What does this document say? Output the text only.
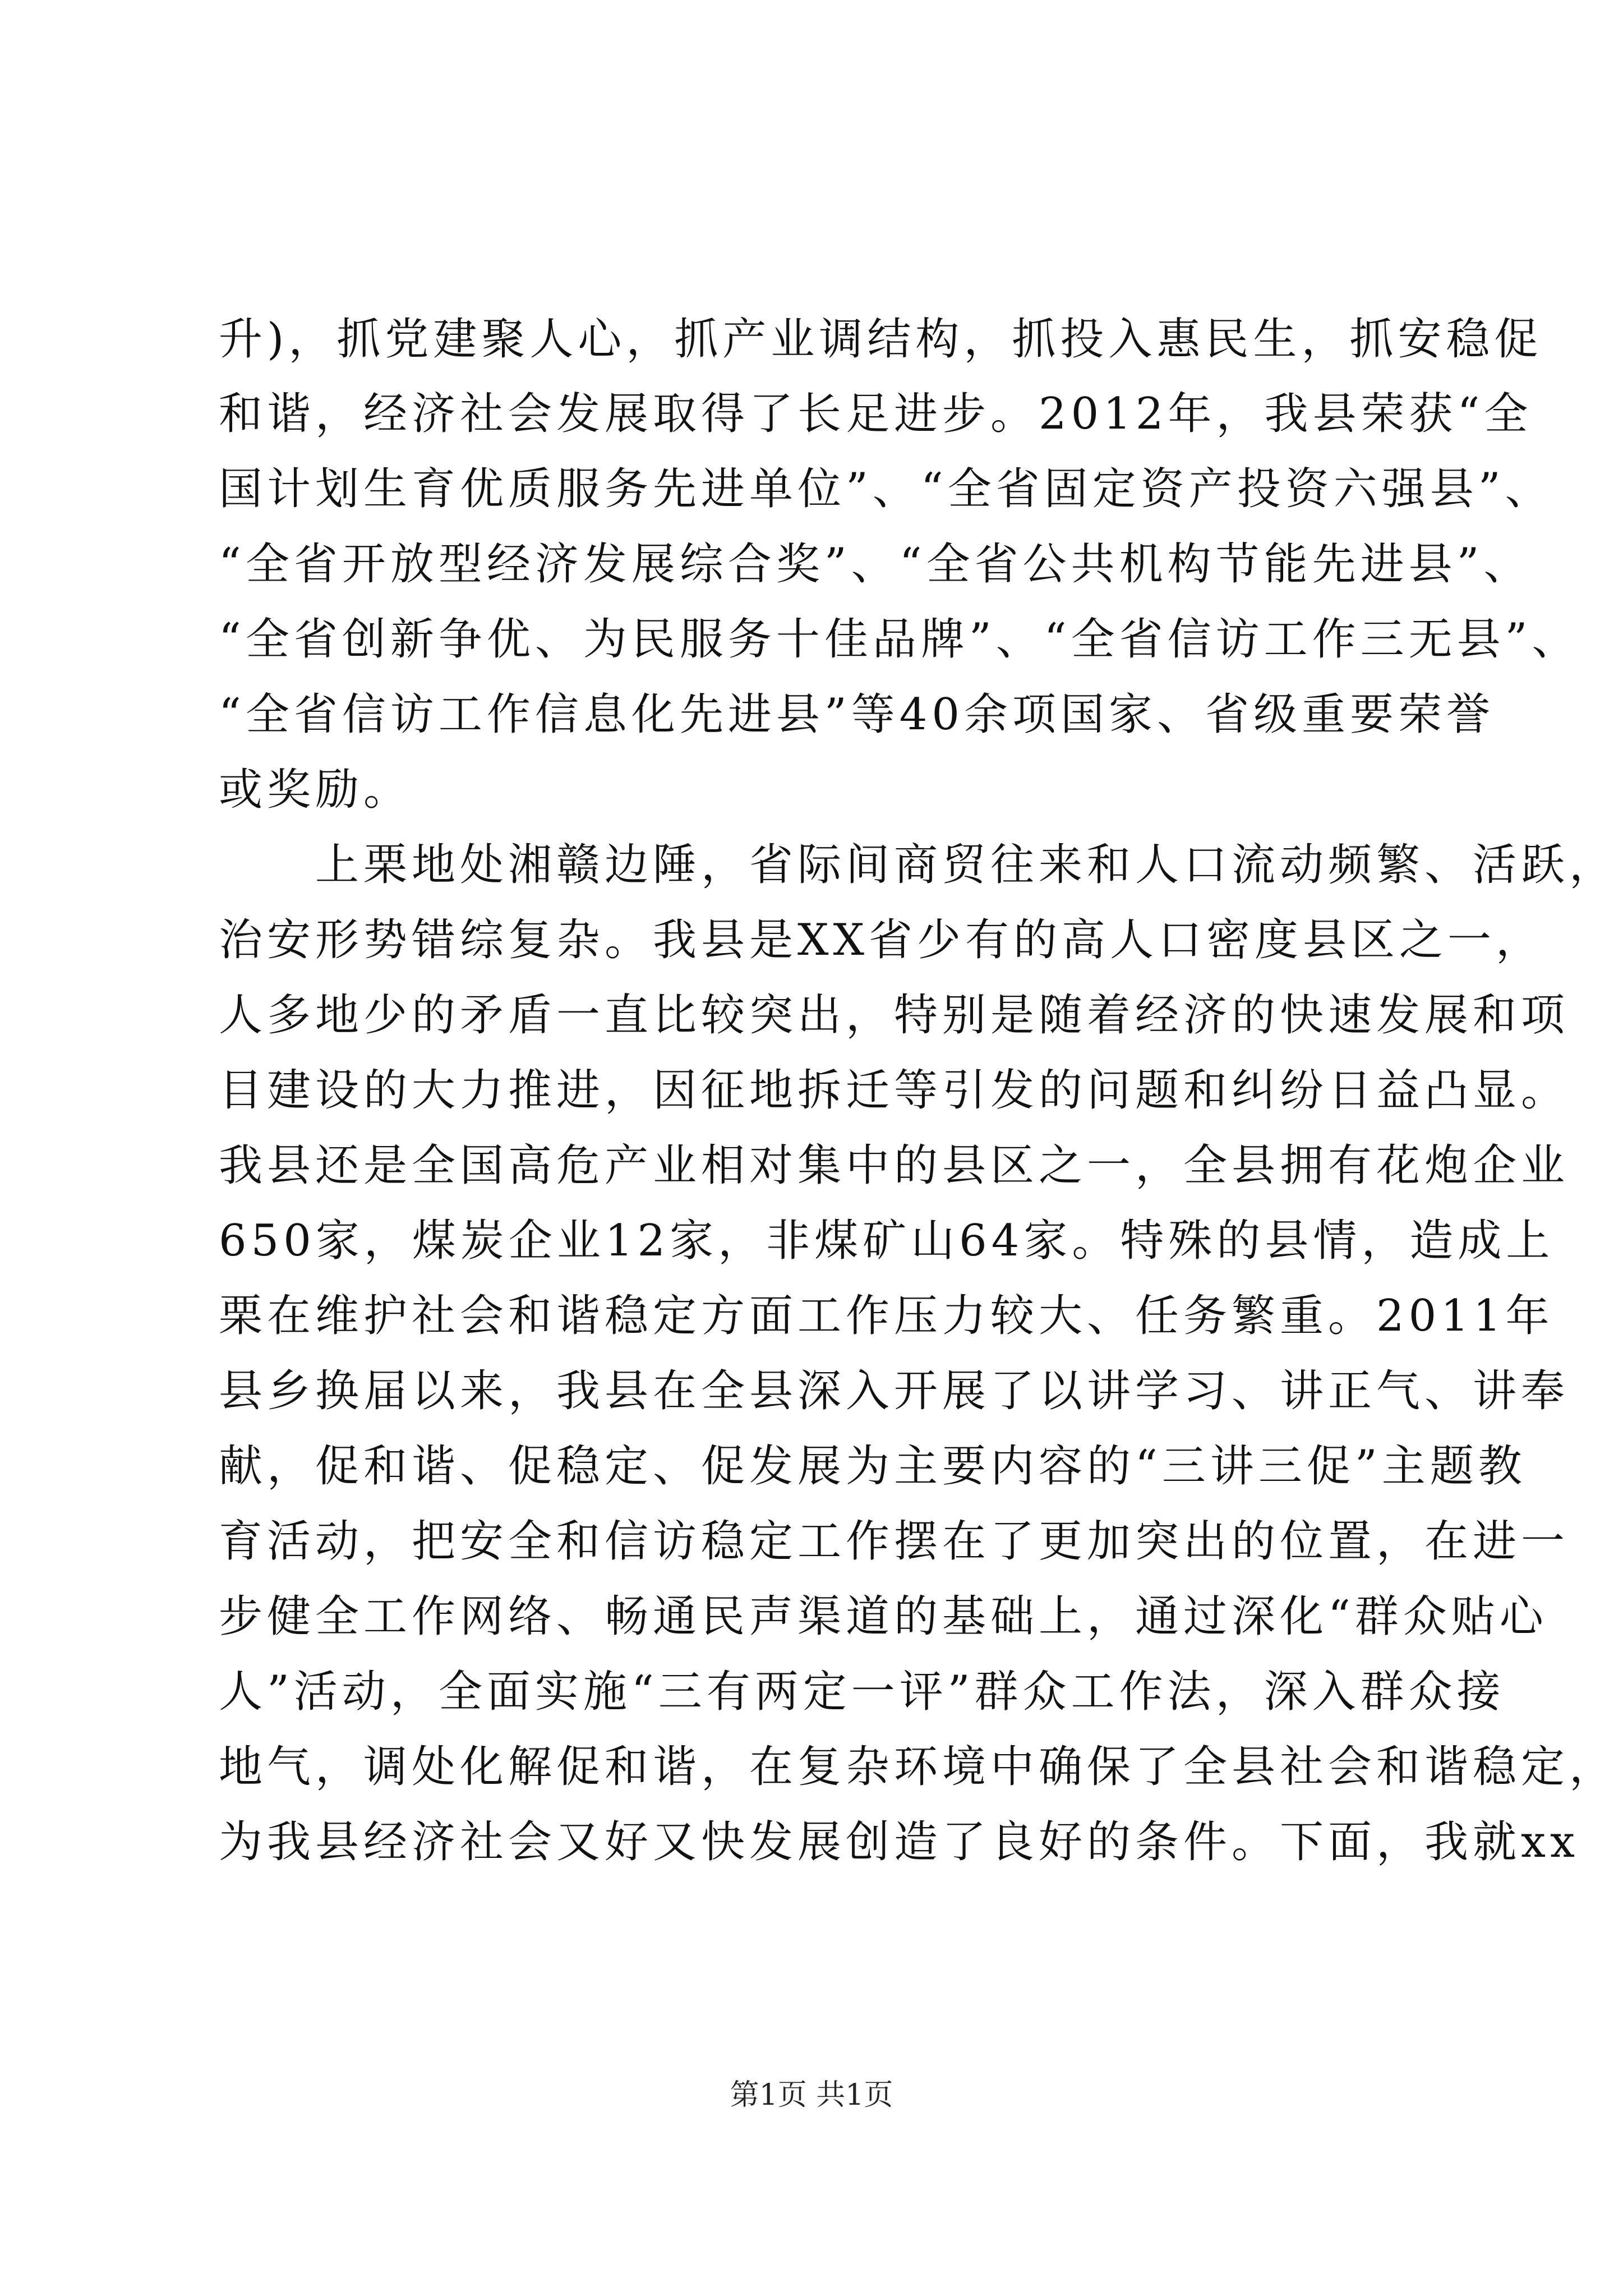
升)，抓党建聚人心，抓产业调结构，抓投入惠民生，抓安稳促
和谐，经济社会发展取得了长足进步。2012年，我县荣获“全
国计划生育优质服务先进单位”、“全省固定资产投资六强县”、
“全省开放型经济发展综合奖”、“全省公共机构节能先进县”、
“全省创新争优、为民服务十佳品牌”、“全省信访工作三无县”、
“全省信访工作信息化先进县”等40余项国家、省级重要荣誉
或奖励。
　　上栗地处湘赣边陲，省际间商贸往来和人口流动频繁、活跃，
治安形势错综复杂。我县是XX省少有的高人口密度县区之一，
人多地少的矛盾一直比较突出，特别是随着经济的快速发展和项
目建设的大力推进，因征地拆迁等引发的问题和纠纷日益凸显。
我县还是全国高危产业相对集中的县区之一，全县拥有花炮企业
650家，煤炭企业12家，非煤矿山64家。特殊的县情，造成上
栗在维护社会和谐稳定方面工作压力较大、任务繁重。2011年
县乡换届以来，我县在全县深入开展了以讲学习、讲正气、讲奉
献，促和谐、促稳定、促发展为主要内容的“三讲三促”主题教
育活动，把安全和信访稳定工作摆在了更加突出的位置，在进一
步健全工作网络、畅通民声渠道的基础上，通过深化“群众贴心
人”活动，全面实施“三有两定一评”群众工作法，深入群众接
地气，调处化解促和谐，在复杂环境中确保了全县社会和谐稳定，
为我县经济社会又好又快发展创造了良好的条件。下面，我就xx
第1页 共1页
